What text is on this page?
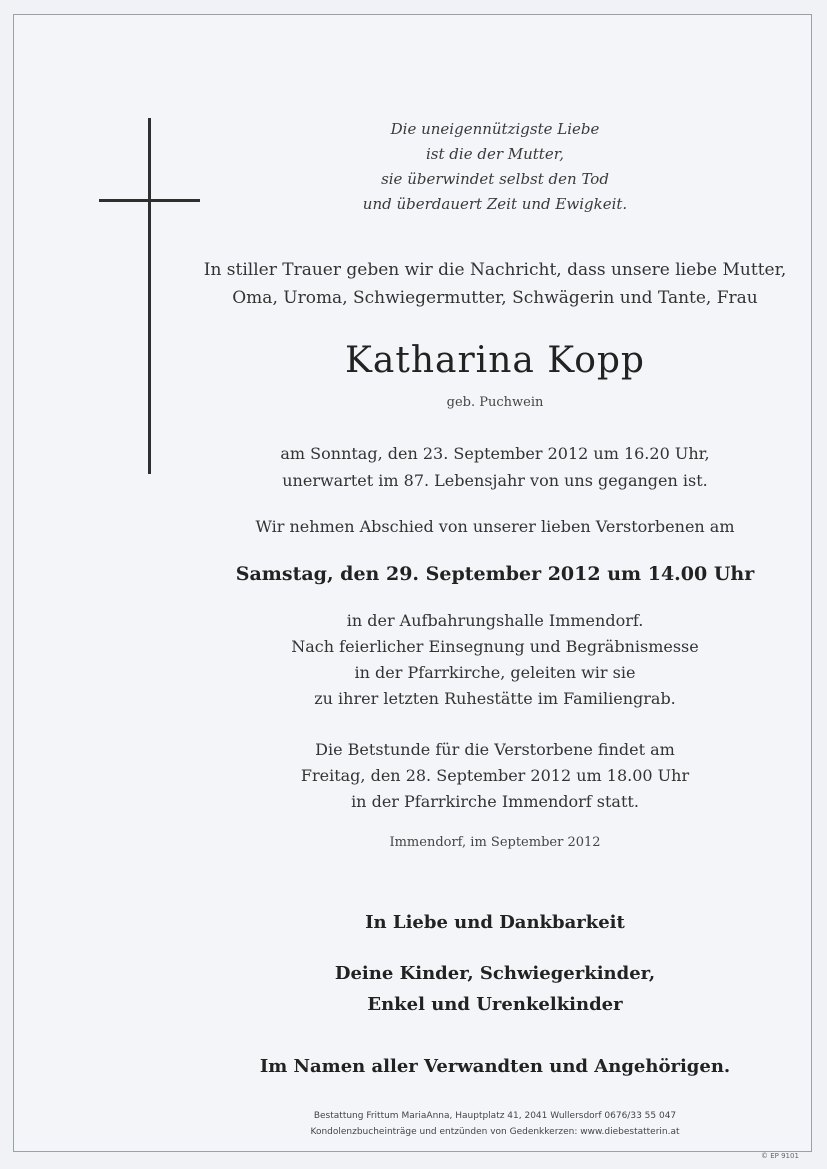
Die uneigennützigste Liebe
ist die der Mutter,
sie überwindet selbst den Tod
und überdauert Zeit und Ewigkeit.
In stiller Trauer geben wir die Nachricht, dass unsere liebe Mutter,
Oma, Uroma, Schwiegermutter, Schwägerin und Tante, Frau
Katharina Kopp
geb. Puchwein
am Sonntag, den 23. September 2012 um 16.20 Uhr,
unerwartet im 87. Lebensjahr von uns gegangen ist.
Wir nehmen Abschied von unserer lieben Verstorbenen am
Samstag, den 29. September 2012 um 14.00 Uhr
in der Aufbahrungshalle Immendorf.
Nach feierlicher Einsegnung und Begräbnismesse
in der Pfarrkirche, geleiten wir sie
zu ihrer letzten Ruhestätte im Familiengrab.
Die Betstunde für die Verstorbene findet am
Freitag, den 28. September 2012 um 18.00 Uhr
in der Pfarrkirche Immendorf statt.
Immendorf, im September 2012
In Liebe und Dankbarkeit
Deine Kinder, Schwiegerkinder,
Enkel und Urenkelkinder
Im Namen aller Verwandten und Angehörigen.
Bestattung Frittum MariaAnna, Hauptplatz 41, 2041 Wullersdorf 0676/33 55 047
Kondolenzbucheinträge und entzünden von Gedenkkerzen: www.diebestatterin.at
© EP 9101
